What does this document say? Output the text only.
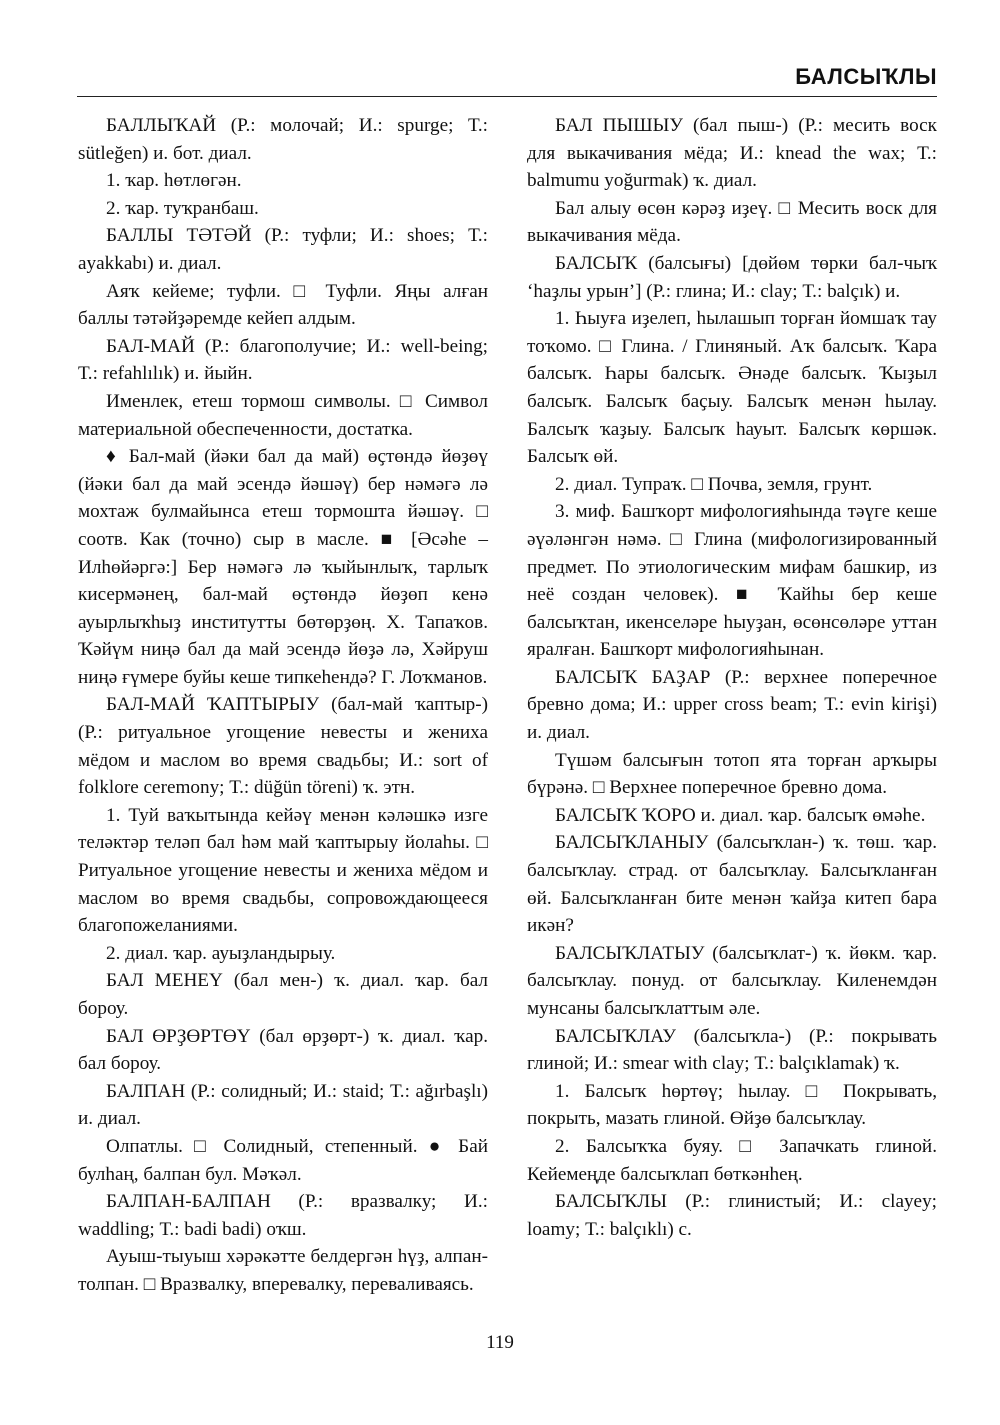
БАЛСЫҠЛЫ

БАЛЛЫҠАЙ (Р.: молочай; И.: spurge; Т.: sütleğen) и. бот. диал.

1. ҡар. һөтлөгән.

2. ҡар. туҡранбаш.

БАЛЛЫ ТӘТӘЙ (Р.: туфли; И.: shoes; Т.: ayakkabı) и. диал.

Аяҡ кейеме; туфли. □ Туфли. Яңы алған баллы тәтәйҙәремде кейеп алдым.

БАЛ-МАЙ (Р.: благополучие; И.: well-being; Т.: refahlılık) и. йыйн.

Именлек, етеш тормош символы. □ Символ материальной обеспеченности, достатка.

♦ Бал-май (йәки бал да май) өҫтөндә йөҙөү (йәки бал да май эсендә йәшәү) бер нәмәгә лә мохтаж булмайынса етеш тормошта йәшәү. □ соотв. Как (точно) сыр в масле. ■ [Әсәһе – Илһөйәргә:] Бер нәмәгә лә ҡыйынлыҡ, тарлыҡ кисермәнең, бал-май өҫтөндә йөҙөп кенә ауырлыҡһыҙ институтты бөтөрҙөң. Х. Тапаҡов. Ҡәйүм ниңә бал да май эсендә йөҙә лә, Хәйруш ниңә ғүмере буйы кеше типкеһендә? Г. Лоҡманов.

БАЛ-МАЙ ҠАПТЫРЫУ (бал-май ҡаптыр-) (Р.: ритуальное угощение невесты и жениха мёдом и маслом во время свадьбы; И.: sort of folklore ceremony; Т.: düğün töreni) ҡ. этн.

1. Туй ваҡытында кейәү менән кәләшкә изге теләктәр теләп бал һәм май ҡаптырыу йолаһы. □ Ритуальное угощение невесты и жениха мёдом и маслом во время свадьбы, сопровождающееся благопожеланиями.

2. диал. ҡар. ауыҙландырыу.

БАЛ МЕНЕҮ (бал мен-) ҡ. диал. ҡар. бал бороу.

БАЛ ӨРҘӨРТӨҮ (бал өрҙөрт-) ҡ. диал. ҡар. бал бороу.

БАЛПАН (Р.: солидный; И.: staid; Т.: ağırbaşlı) и. диал.

Олпатлы. □ Солидный, степенный. ● Бай булһаң, балпан бул. Мәҡәл.

БАЛПАН-БАЛПАН (Р.: вразвалку; И.: waddling; Т.: badi badi) оҡш.

Ауыш-тыуыш хәрәкәтте белдергән һүҙ, алпан-толпан. □ Вразвалку, вперевалку, переваливаясь.

БАЛ ПЫШЫУ (бал пыш-) (Р.: месить воск для выкачивания мёда; И.: knead the wax; Т.: balmumu yoğurmak) ҡ. диал.

Бал алыу өсөн кәрәҙ иҙеү. □ Месить воск для выкачивания мёда.

БАЛСЫҠ (балсығы) [дөйөм төрки бал-чыҡ ‘һаҙлы урын’] (Р.: глина; И.: clay; Т.: balçık) и.

1. Һыуға иҙелеп, һылашып торған йомшаҡ тау тоҡомо. □ Глина. / Глиняный. Аҡ балсыҡ. Ҡара балсыҡ. Һары балсыҡ. Әнәде балсыҡ. Ҡыҙыл балсыҡ. Балсыҡ баҫыу. Балсыҡ менән һылау. Балсыҡ ҡаҙыу. Балсыҡ һауыт. Балсыҡ көршәк. Балсыҡ өй.

2. диал. Тупраҡ. □ Почва, земля, грунт.

3. миф. Башҡорт мифологияһында тәүге кеше әүәләнгән нәмә. □ Глина (мифологизированный предмет. По этиологическим мифам башкир, из неё создан человек). ■ Ҡайһы бер кеше балсыҡтан, икенселәре һыуҙан, өсөнсөләре уттан яралған. Башҡорт мифологияһынан.

БАЛСЫҠ БАҘАР (Р.: верхнее поперечное бревно дома; И.: upper cross beam; Т.: evin kirişi) и. диал.

Түшәм балсығын тотоп ята торған арҡыры бүрәнә. □ Верхнее поперечное бревно дома.

БАЛСЫҠ ҠОРО и. диал. ҡар. балсыҡ өмәһе.

БАЛСЫҠЛАНЫУ (балсыҡлан-) ҡ. төш. ҡар. балсыҡлау. страд. от балсыҡлау. Балсыҡланған өй. Балсыҡланған бите менән ҡайҙа китеп бара икән?

БАЛСЫҠЛАТЫУ (балсыҡлат-) ҡ. йөкм. ҡар. балсыҡлау. понуд. от балсыҡлау. Киленемдән мунсаны балсыҡлаттым әле.

БАЛСЫҠЛАУ (балсыҡла-) (Р.: покрывать глиной; И.: smear with clay; Т.: balçıklamak) ҡ.

1. Балсыҡ һөртөү; һылау. □ Покрывать, покрыть, мазать глиной. Өйҙө балсыҡлау.

2. Балсыҡҡа буяу. □ Запачкать глиной. Кейемеңде балсыҡлап бөткәнһең.

БАЛСЫҠЛЫ (Р.: глинистый; И.: clayey; loamy; Т.: balçıklı) с.

119
